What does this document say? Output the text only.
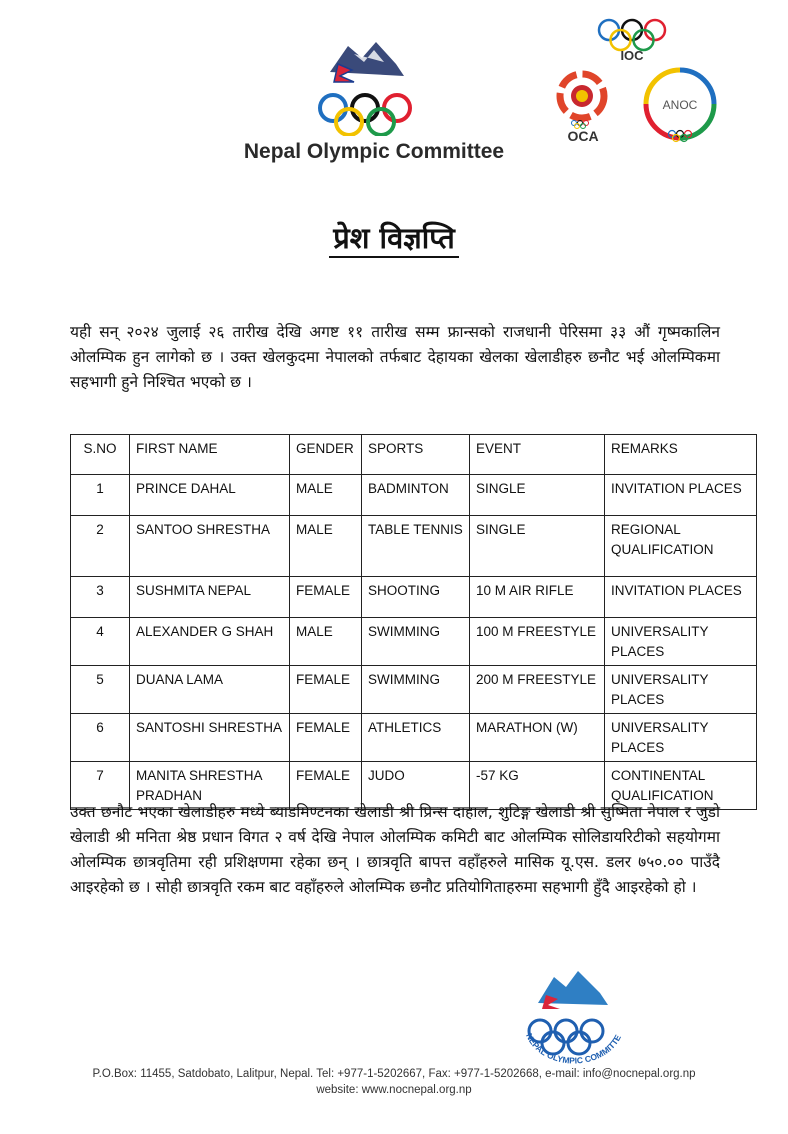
Nepal Olympic Committee
IOC
OCA
ANOC
प्रेश विज्ञप्ति
यही सन् २०२४ जुलाई २६ तारीख देखि अगष्ट ११ तारीख सम्म फ्रान्सको राजधानी पेरिसमा ३३ औं गृष्मकालिन ओलम्पिक हुन लागेको छ । उक्त खेलकुदमा नेपालको तर्फबाट देहायका खेलका खेलाडीहरु छनौट भई ओलम्पिकमा सहभागी हुने निश्चित भएको छ ।
S.NO	FIRST NAME	GENDER	SPORTS	EVENT	REMARKS
1	PRINCE DAHAL	MALE	BADMINTON	SINGLE	INVITATION PLACES
2	SANTOO SHRESTHA	MALE	TABLE TENNIS	SINGLE	REGIONAL QUALIFICATION
3	SUSHMITA NEPAL	FEMALE	SHOOTING	10 M AIR RIFLE	INVITATION PLACES
4	ALEXANDER G SHAH	MALE	SWIMMING	100 M FREESTYLE	UNIVERSALITY PLACES
5	DUANA LAMA	FEMALE	SWIMMING	200 M FREESTYLE	UNIVERSALITY PLACES
6	SANTOSHI SHRESTHA	FEMALE	ATHLETICS	MARATHON (W)	UNIVERSALITY PLACES
7	MANITA SHRESTHA PRADHAN	FEMALE	JUDO	-57 KG	CONTINENTAL QUALIFICATION
उक्त छनौट भएका खेलाडीहरु मध्ये ब्याडमिण्टनका खेलाडी श्री प्रिन्स दाहाल, शुटिङ्ग खेलाडी श्री सुष्मिता नेपाल र जुडो खेलाडी श्री मनिता श्रेष्ठ प्रधान विगत २ वर्ष देखि नेपाल ओलम्पिक कमिटी बाट ओलम्पिक सोलिडायरिटीको सहयोगमा ओलम्पिक छात्रवृतिमा रही प्रशिक्षणमा रहेका छन् । छात्रवृति बापत्त वहाँहरुले मासिक यू.एस. डलर ७५०.०० पाउँदै आइरहेको छ । सोही छात्रवृति रकम बाट वहाँहरुले ओलम्पिक छनौट प्रतियोगिताहरुमा सहभागी हुँदै आइरहेको हो ।
NEPAL OLYMPIC COMMITTE
P.O.Box: 11455, Satdobato, Lalitpur, Nepal. Tel: +977-1-5202667, Fax: +977-1-5202668, e-mail: info@nocnepal.org.np
website: www.nocnepal.org.np
